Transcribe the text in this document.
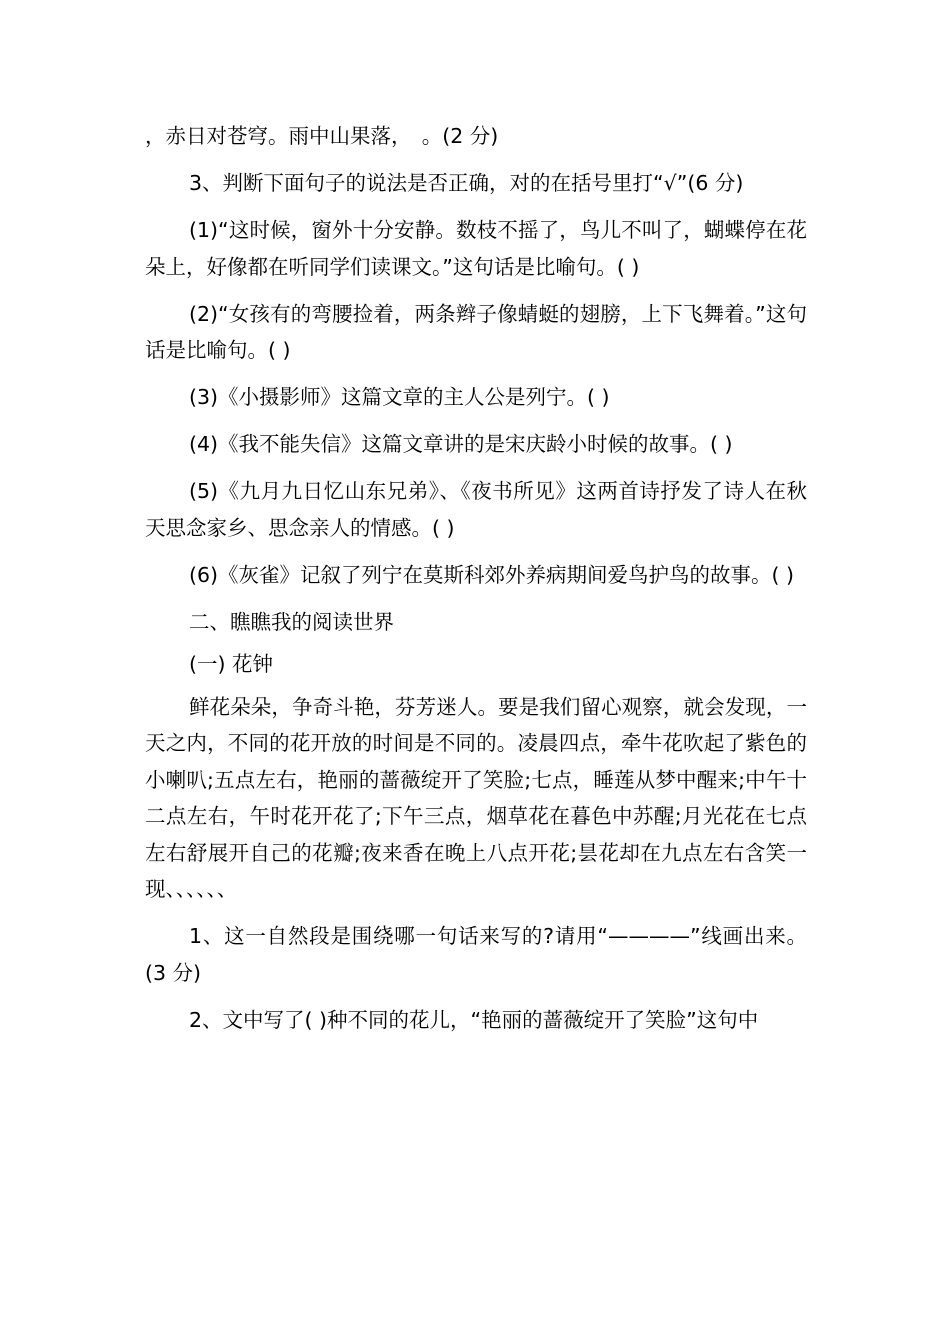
，赤日对苍穹。雨中山果落，　。(2 分)

3、判断下面句子的说法是否正确，对的在括号里打“√”(6 分)

(1)“这时候，窗外十分安静。数枝不摇了，鸟儿不叫了，蝴蝶停在花朵上，好像都在听同学们读课文。”这句话是比喻句。( )

(2)“女孩有的弯腰捡着，两条辫子像蜻蜓的翅膀，上下飞舞着。”这句话是比喻句。( )

(3)《小摄影师》这篇文章的主人公是列宁。( )

(4)《我不能失信》这篇文章讲的是宋庆龄小时候的故事。( )

(5)《九月九日忆山东兄弟》、《夜书所见》这两首诗抒发了诗人在秋天思念家乡、思念亲人的情感。( )

(6)《灰雀》记叙了列宁在莫斯科郊外养病期间爱鸟护鸟的故事。( )

二、瞧瞧我的阅读世界

(一) 花钟

鲜花朵朵，争奇斗艳，芬芳迷人。要是我们留心观察，就会发现，一天之内，不同的花开放的时间是不同的。凌晨四点，牵牛花吹起了紫色的小喇叭;五点左右，艳丽的蔷薇绽开了笑脸;七点，睡莲从梦中醒来;中午十二点左右，午时花开花了;下午三点，烟草花在暮色中苏醒;月光花在七点左右舒展开自己的花瓣;夜来香在晚上八点开花;昙花却在九点左右含笑一现、、、、、、

1、这一自然段是围绕哪一句话来写的?请用“————”线画出来。(3 分)

2、文中写了( )种不同的花儿，“艳丽的蔷薇绽开了笑脸”这句中
